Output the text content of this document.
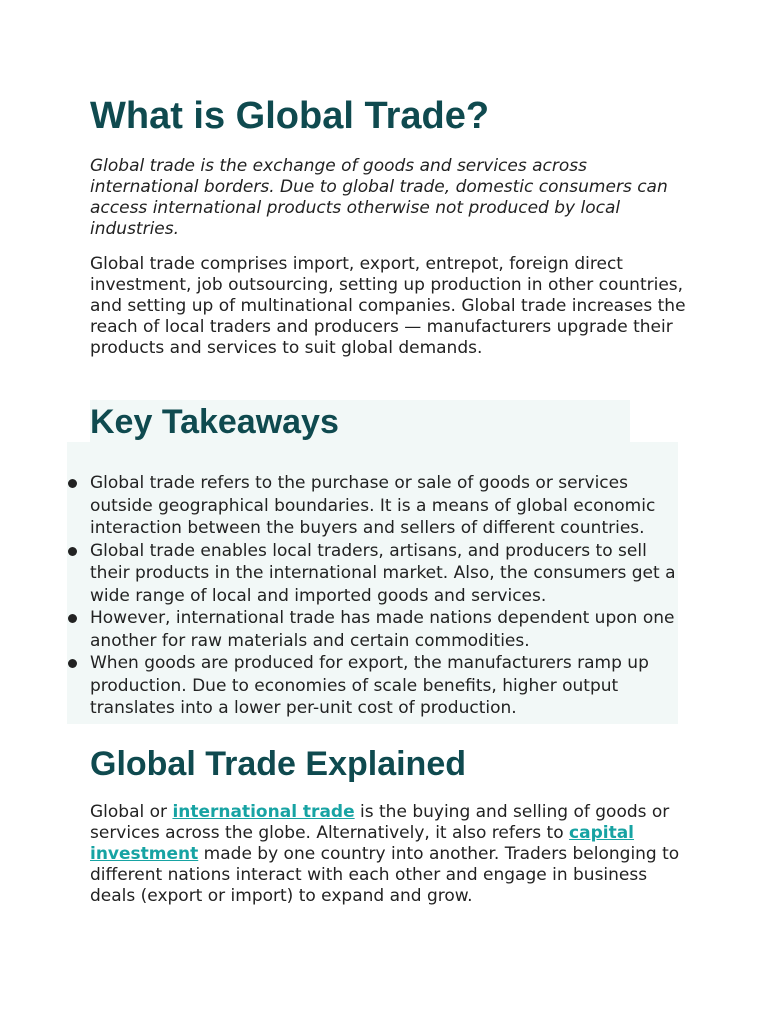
What is Global Trade?

Global trade is the exchange of goods and services across international borders. Due to global trade, domestic consumers can access international products otherwise not produced by local industries.

Global trade comprises import, export, entrepot, foreign direct investment, job outsourcing, setting up production in other countries, and setting up of multinational companies. Global trade increases the reach of local traders and producers — manufacturers upgrade their products and services to suit global demands.

Key Takeaways
Global trade refers to the purchase or sale of goods or services outside geographical boundaries. It is a means of global economic interaction between the buyers and sellers of different countries.
Global trade enables local traders, artisans, and producers to sell their products in the international market. Also, the consumers get a wide range of local and imported goods and services.
However, international trade has made nations dependent upon one another for raw materials and certain commodities.
When goods are produced for export, the manufacturers ramp up production. Due to economies of scale benefits, higher output translates into a lower per-unit cost of production.
Global Trade Explained

Global or international trade is the buying and selling of goods or services across the globe. Alternatively, it also refers to capital investment made by one country into another. Traders belonging to different nations interact with each other and engage in business deals (export or import) to expand and grow.
